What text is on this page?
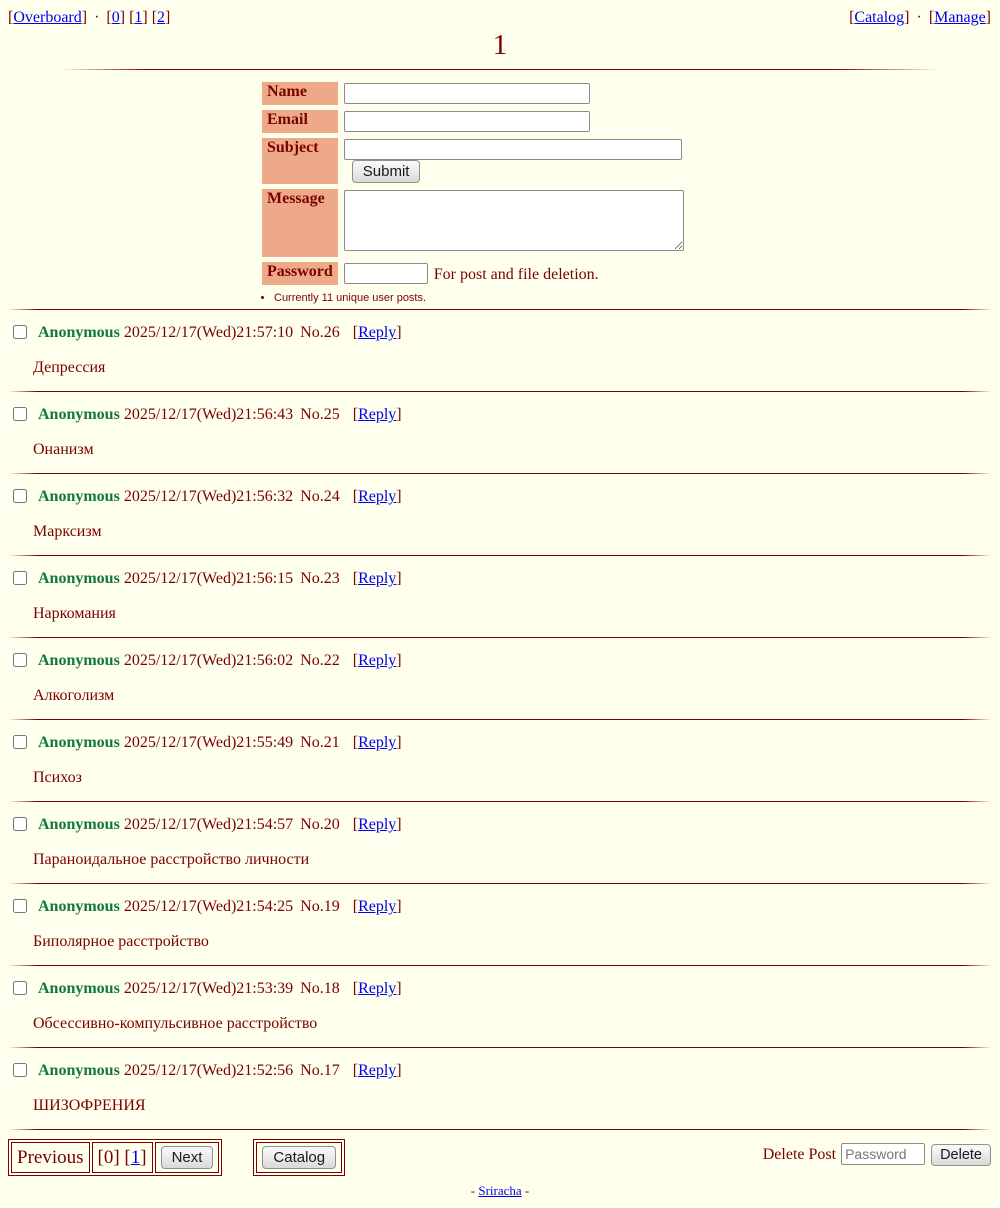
[ Overboard ] · [ 0 ] [ 1 ] [ 2 ]	[ Catalog ] · [ Manage ]
1
Name	
Email	
Subject	Submit
Message	
Password	For post and file deletion.
• Currently 11 unique user posts.
Anonymous 2025/12/17(Wed)21:57:10 No.26 [ Reply ]
Депрессия
Anonymous 2025/12/17(Wed)21:56:43 No.25 [ Reply ]
Онанизм
Anonymous 2025/12/17(Wed)21:56:32 No.24 [ Reply ]
Марксизм
Anonymous 2025/12/17(Wed)21:56:15 No.23 [ Reply ]
Наркомания
Anonymous 2025/12/17(Wed)21:56:02 No.22 [ Reply ]
Алкоголизм
Anonymous 2025/12/17(Wed)21:55:49 No.21 [ Reply ]
Психоз
Anonymous 2025/12/17(Wed)21:54:57 No.20 [ Reply ]
Параноидальное расстройство личности
Anonymous 2025/12/17(Wed)21:54:25 No.19 [ Reply ]
Биполярное расстройство
Anonymous 2025/12/17(Wed)21:53:39 No.18 [ Reply ]
Обсессивно-компульсивное расстройство
Anonymous 2025/12/17(Wed)21:52:56 No.17 [ Reply ]
ШИЗОФРЕНИЯ
Previous	[0 ] [ 1 ]	Next	Catalog	Delete PostPassword	Delete
- Sriracha -
